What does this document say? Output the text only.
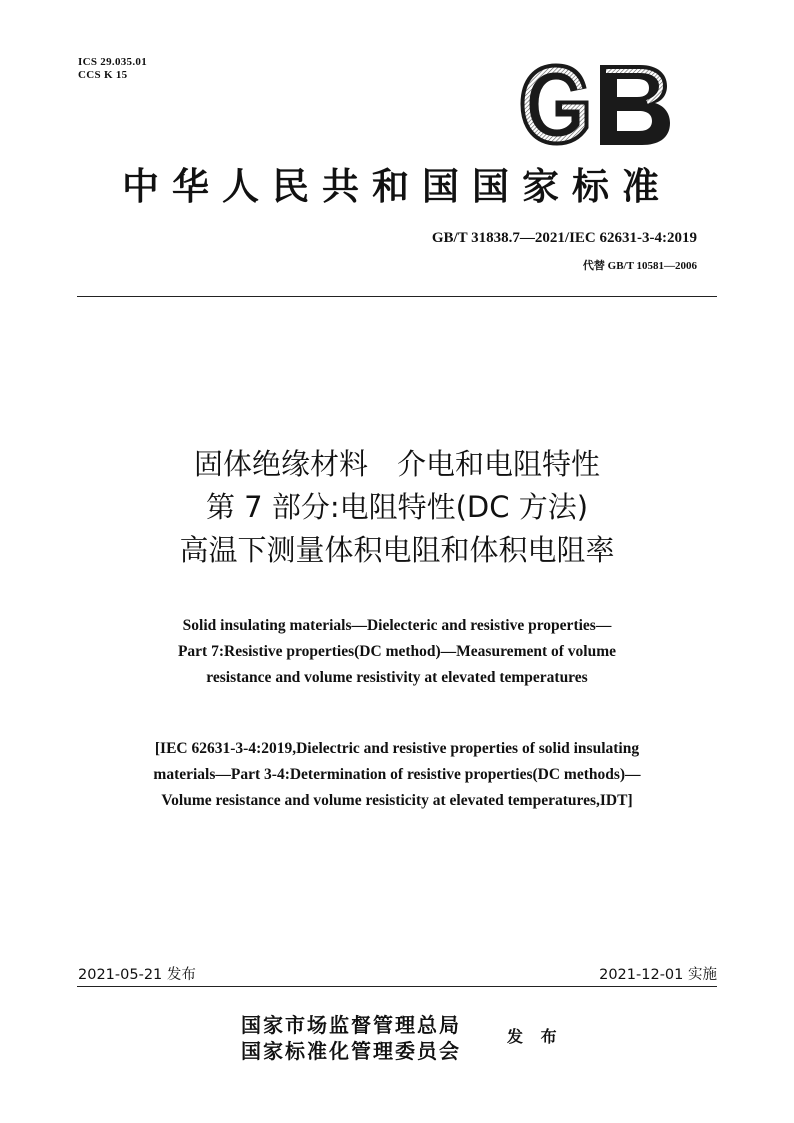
ICS 29.035.01
CCS K 15
GB
中华人民共和国国家标准
GB/T 31838.7—2021/IEC 62631-3-4:2019
代替 GB/T 10581—2006
固体绝缘材料　介电和电阻特性
第 7 部分:电阻特性(DC 方法)
高温下测量体积电阻和体积电阻率
Solid insulating materials—Dielecteric and resistive properties—
Part 7:Resistive properties(DC method)—Measurement of volume
resistance and volume resistivity at elevated temperatures
[IEC 62631-3-4:2019,Dielectric and resistive properties of solid insulating
materials—Part 3-4:Determination of resistive properties(DC methods)—
Volume resistance and volume resisticity at elevated temperatures,IDT]
2021-05-21 发布	2021-12-01 实施
国家市场监督管理总局
国家标准化管理委员会
发 布
